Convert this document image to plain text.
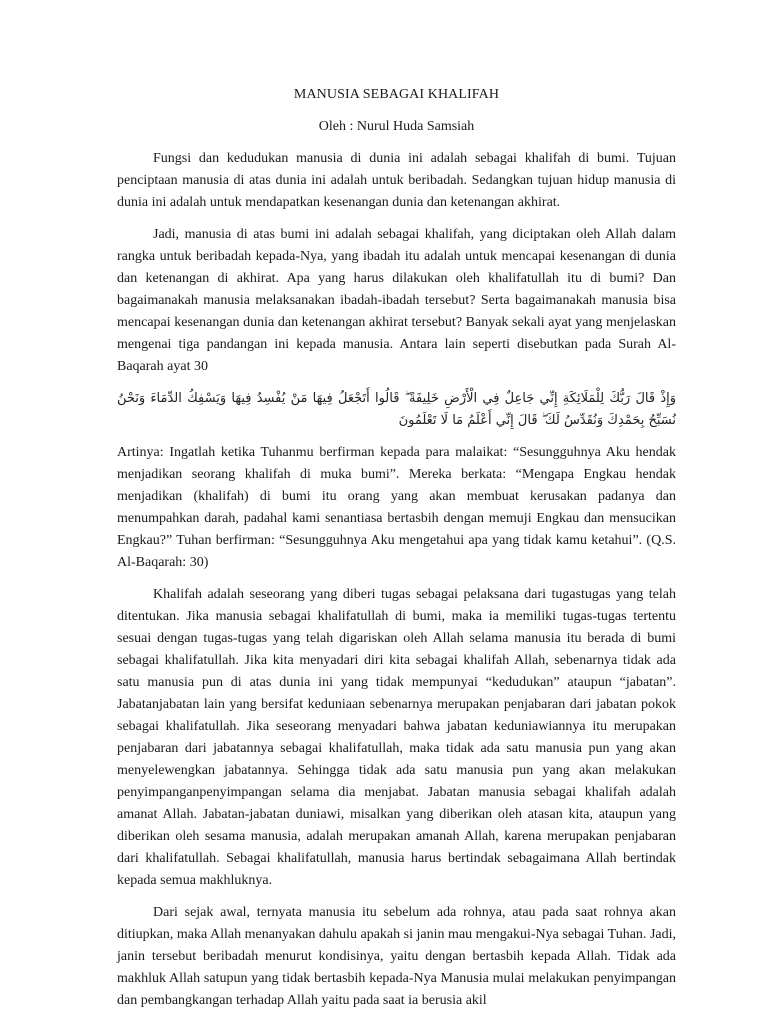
MANUSIA SEBAGAI KHALIFAH
Oleh : Nurul Huda Samsiah

Fungsi dan kedudukan manusia di dunia ini adalah sebagai khalifah di bumi. Tujuan penciptaan manusia di atas dunia ini adalah untuk beribadah. Sedangkan tujuan hidup manusia di dunia ini adalah untuk mendapatkan kesenangan dunia dan ketenangan akhirat.

Jadi, manusia di atas bumi ini adalah sebagai khalifah, yang diciptakan oleh Allah dalam rangka untuk beribadah kepada-Nya, yang ibadah itu adalah untuk mencapai kesenangan di dunia dan ketenangan di akhirat. Apa yang harus dilakukan oleh khalifatullah itu di bumi? Dan bagaimanakah manusia melaksanakan ibadah-ibadah tersebut? Serta bagaimanakah manusia bisa mencapai kesenangan dunia dan ketenangan akhirat tersebut? Banyak sekali ayat yang menjelaskan mengenai tiga pandangan ini kepada manusia. Antara lain seperti disebutkan pada Surah Al-Baqarah ayat 30

وَإِذْ قَالَ رَبُّكَ لِلْمَلَائِكَةِ إِنِّي جَاعِلٌ فِي الْأَرْضِ خَلِيفَةً ۖ قَالُوا أَتَجْعَلُ فِيهَا مَنْ يُفْسِدُ فِيهَا وَيَسْفِكُ الدِّمَاءَ وَنَحْنُ نُسَبِّحُ بِحَمْدِكَ وَنُقَدِّسُ لَكَ ۖ قَالَ إِنِّي أَعْلَمُ مَا لَا تَعْلَمُونَ

Artinya: Ingatlah ketika Tuhanmu berfirman kepada para malaikat: “Sesungguhnya Aku hendak menjadikan seorang khalifah di muka bumi”. Mereka berkata: “Mengapa Engkau hendak menjadikan (khalifah) di bumi itu orang yang akan membuat kerusakan padanya dan menumpahkan darah, padahal kami senantiasa bertasbih dengan memuji Engkau dan mensucikan Engkau?” Tuhan berfirman: “Sesungguhnya Aku mengetahui apa yang tidak kamu ketahui”. (Q.S. Al-Baqarah: 30)

Khalifah adalah seseorang yang diberi tugas sebagai pelaksana dari tugastugas yang telah ditentukan. Jika manusia sebagai khalifatullah di bumi, maka ia memiliki tugas-tugas tertentu sesuai dengan tugas-tugas yang telah digariskan oleh Allah selama manusia itu berada di bumi sebagai khalifatullah. Jika kita menyadari diri kita sebagai khalifah Allah, sebenarnya tidak ada satu manusia pun di atas dunia ini yang tidak mempunyai “kedudukan” ataupun “jabatan”. Jabatanjabatan lain yang bersifat keduniaan sebenarnya merupakan penjabaran dari jabatan pokok sebagai khalifatullah. Jika seseorang menyadari bahwa jabatan keduniawiannya itu merupakan penjabaran dari jabatannya sebagai khalifatullah, maka tidak ada satu manusia pun yang akan menyelewengkan jabatannya. Sehingga tidak ada satu manusia pun yang akan melakukan penyimpanganpenyimpangan selama dia menjabat. Jabatan manusia sebagai khalifah adalah amanat Allah. Jabatan-jabatan duniawi, misalkan yang diberikan oleh atasan kita, ataupun yang diberikan oleh sesama manusia, adalah merupakan amanah Allah, karena merupakan penjabaran dari khalifatullah. Sebagai khalifatullah, manusia harus bertindak sebagaimana Allah bertindak kepada semua makhluknya.

Dari sejak awal, ternyata manusia itu sebelum ada rohnya, atau pada saat rohnya akan ditiupkan, maka Allah menanyakan dahulu apakah si janin mau mengakui-Nya sebagai Tuhan. Jadi, janin tersebut beribadah menurut kondisinya, yaitu dengan bertasbih kepada Allah. Tidak ada makhluk Allah satupun yang tidak bertasbih kepada-Nya Manusia mulai melakukan penyimpangan dan pembangkangan terhadap Allah yaitu pada saat ia berusia akil
